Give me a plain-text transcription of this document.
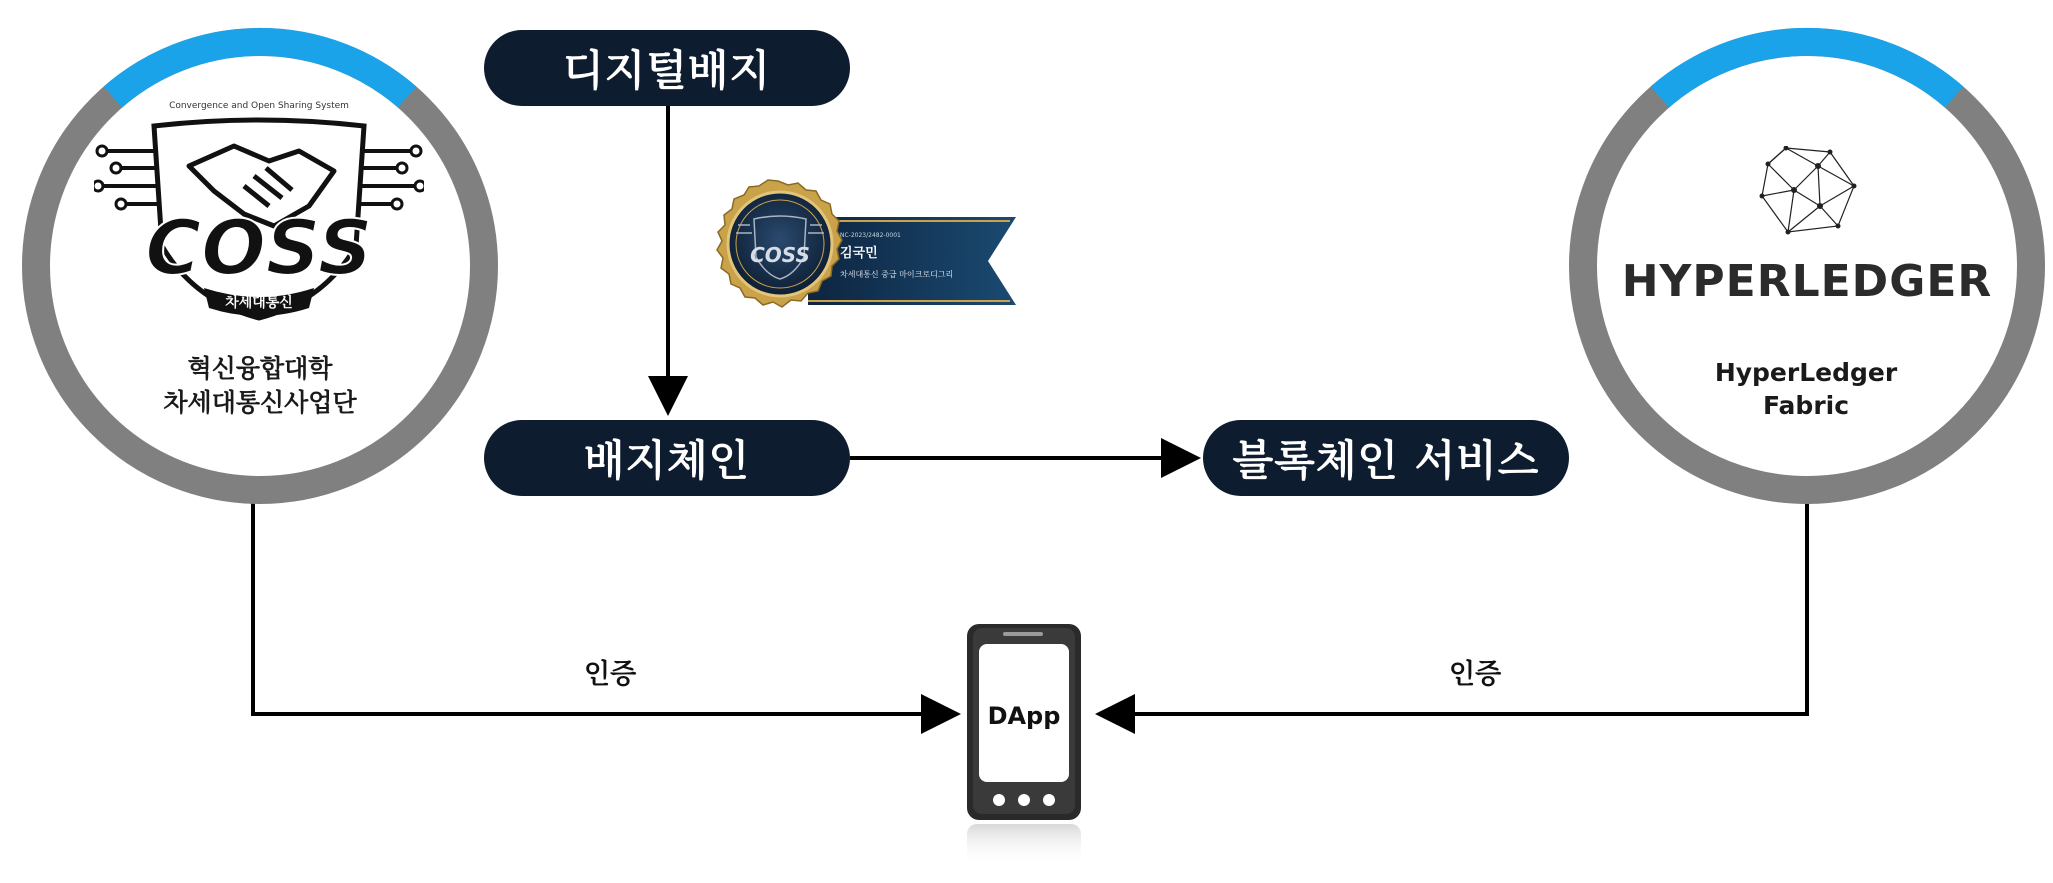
Convergence and Open Sharing System
COSS
차세대통신
혁신융합대학
차세대통신사업단
HYPERLEDGER
HyperLedger
Fabric
디지털배지
배지체인	블록체인 서비스
COSS
NC-2023/2482-0001
김국민
차세대통신 중급 마이크로디그리
인증	인증
DApp
